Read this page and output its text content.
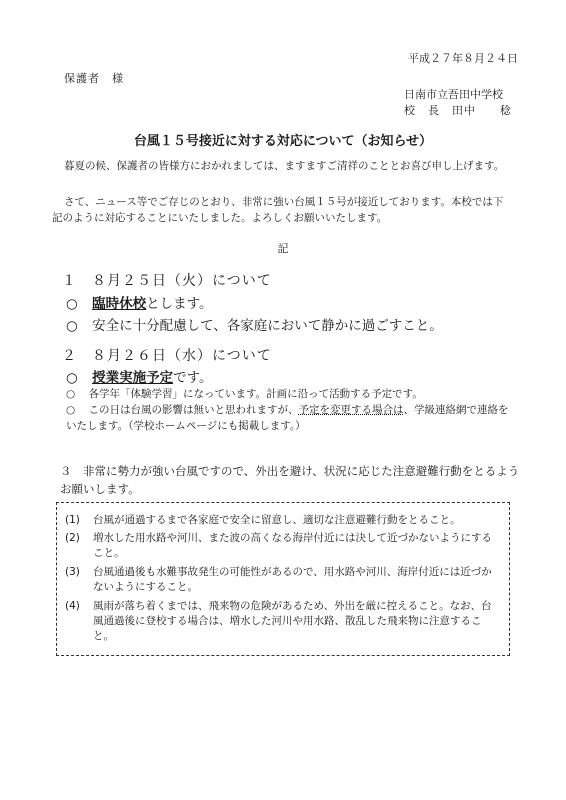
平成２７年８月２４日
保護者　様
日南市立吾田中学校
校　長　田中　　稔
台風１５号接近に対する対応について（お知らせ）
暮夏の候、保護者の皆様方におかれましては、ますますご清祥のこととお喜び申し上げます。
さて、ニュース等でご存じのとおり、非常に強い台風１５号が接近しております。本校では下記のように対応することにいたしました。よろしくお願いいたします。
記
１　８月２５日（火）について
○ 臨時休校とします。
○ 安全に十分配慮して、各家庭において静かに過ごすこと。
２　８月２６日（水）について
○ 授業実施予定です。
○ 各学年「体験学習」になっています。計画に沿って活動する予定です。
○ この日は台風の影響は無いと思われますが、予定を変更する場合は、学級連絡網で連絡をいたします。（学校ホームページにも掲載します。）
３　非常に勢力が強い台風ですので、外出を避け、状況に応じた注意避難行動をとるようお願いします。
(1) 台風が通過するまで各家庭で安全に留意し、適切な注意避難行動をとること。
(2) 増水した用水路や河川、また波の高くなる海岸付近には決して近づかないようにすること。
(3) 台風通過後も水難事故発生の可能性があるので、用水路や河川、海岸付近には近づかないようにすること。
(4) 風雨が落ち着くまでは、飛来物の危険があるため、外出を厳に控えること。なお、台風通過後に登校する場合は、増水した河川や用水路、散乱した飛来物に注意すること。
